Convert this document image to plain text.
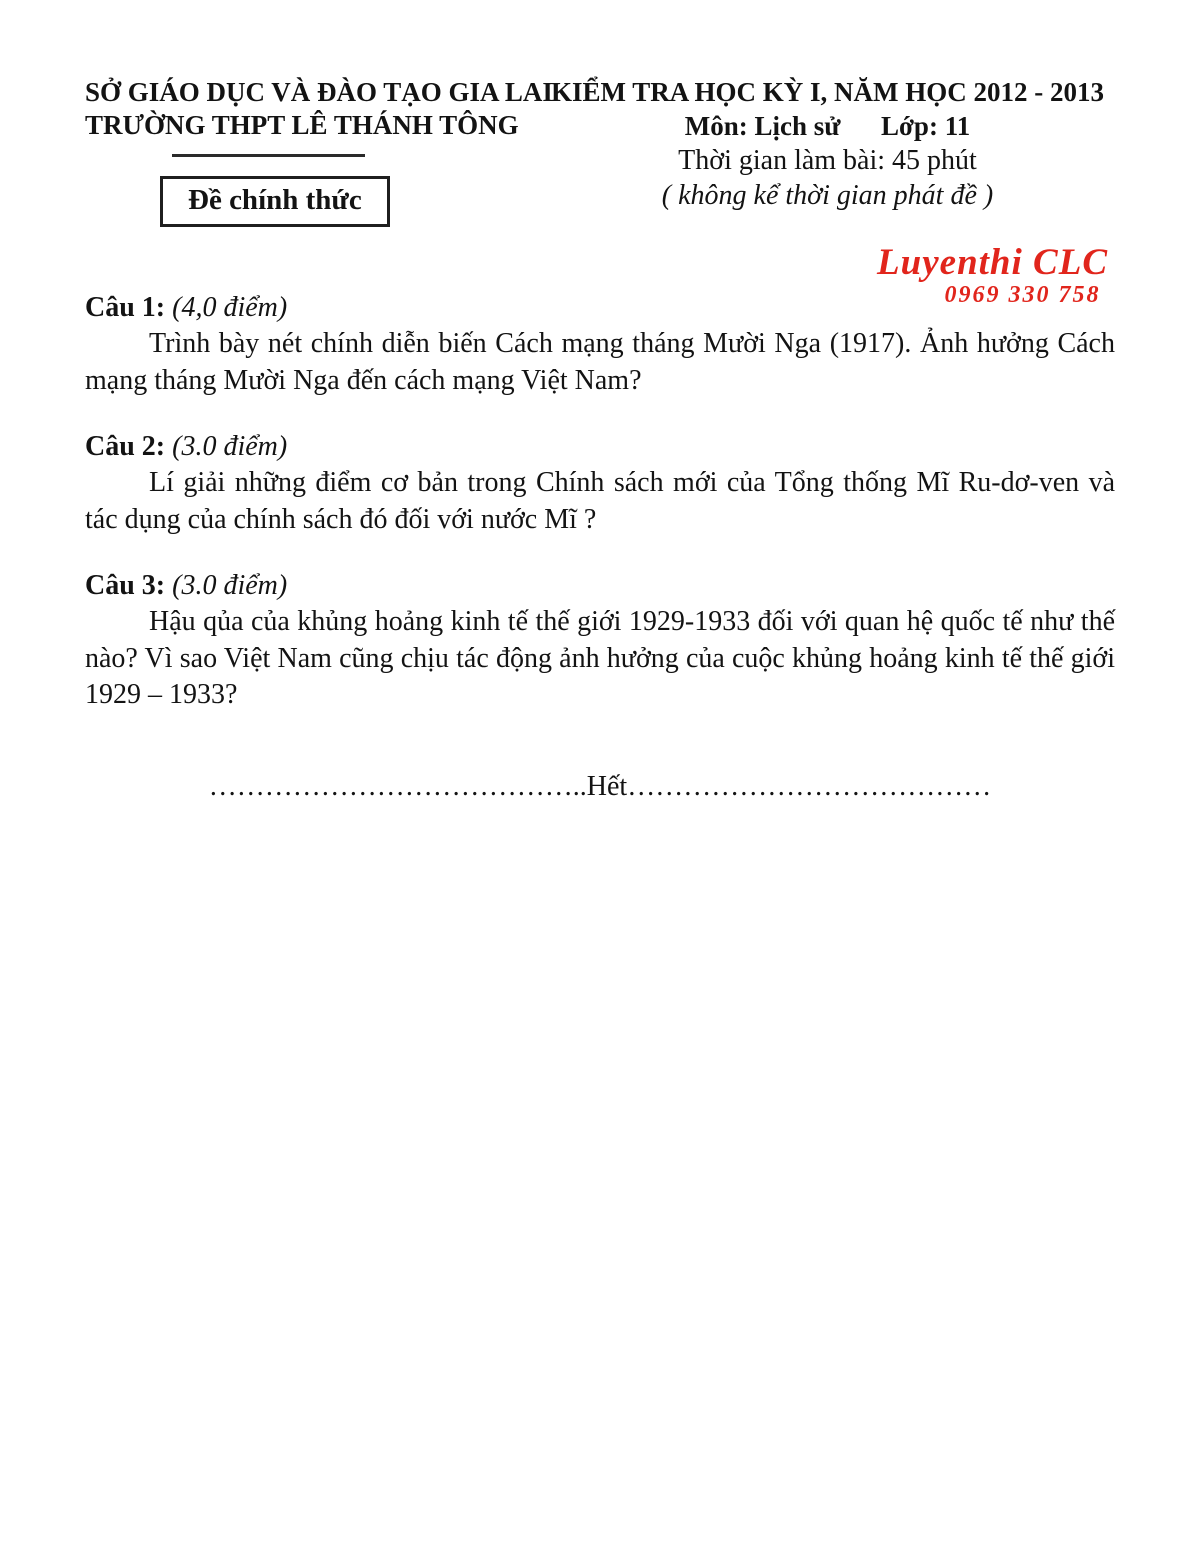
SỞ GIÁO DỤC VÀ ĐÀO TẠO GIA LAI
TRƯỜNG THPT LÊ THÁNH TÔNG
Đề chính thức
KIỂM TRA HỌC KỲ I, NĂM HỌC 2012 - 2013
Môn: Lịch sử      Lớp: 11
Thời gian làm bài: 45 phút
( không kể thời gian phát đề )
Luyenthi CLC
0969 330 758
Câu 1: (4,0 điểm)

Trình bày nét chính diễn biến Cách mạng tháng Mười Nga (1917). Ảnh hưởng Cách mạng tháng Mười Nga đến cách mạng Việt Nam?

Câu 2: (3.0 điểm)

Lí giải những điểm cơ bản trong Chính sách mới của Tổng thống Mĩ Ru-dơ-ven và tác dụng của chính sách đó đối với nước Mĩ ?

Câu 3: (3.0 điểm)

Hậu qủa của khủng hoảng kinh tế thế giới 1929-1933 đối với quan hệ quốc tế như thế nào? Vì sao Việt Nam cũng chịu tác động ảnh hưởng của cuộc khủng hoảng kinh tế thế giới 1929 – 1933?

…………………………………..Hết…………………………………
